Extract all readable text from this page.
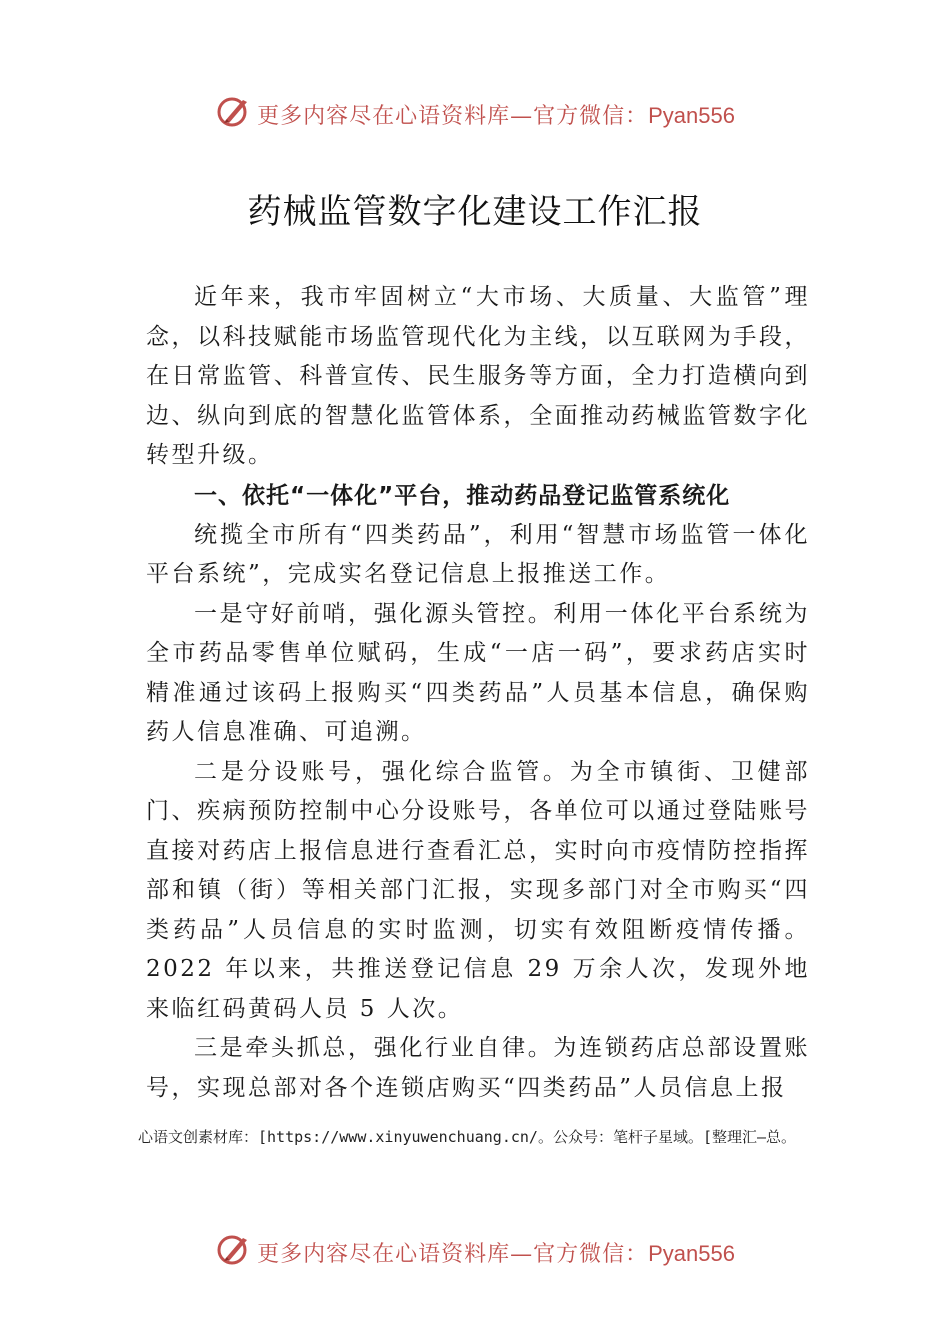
更多内容尽在心语资料库—官方微信：Pyan556
药械监管数字化建设工作汇报

近年来，我市牢固树立“大市场、大质量、大监管”理念，以科技赋能市场监管现代化为主线，以互联网为手段， 在日常监管、科普宣传、民生服务等方面，全力打造横向到边、纵向到底的智慧化监管体系，全面推动药械监管数字化转型升级。

一、依托“一体化”平台，推动药品登记监管系统化

统揽全市所有“四类药品”，利用“智慧市场监管一体化平台系统”，完成实名登记信息上报推送工作。

一是守好前哨，强化源头管控。利用一体化平台系统为全市药品零售单位赋码，生成“一店一码”，要求药店实时精准通过该码上报购买“四类药品”人员基本信息，确保购药人信息准确、可追溯。

二是分设账号，强化综合监管。为全市镇街、卫健部门、疾病预防控制中心分设账号，各单位可以通过登陆账号直接对药店上报信息进行查看汇总，实时向市疫情防控指挥部和镇（街）等相关部门汇报，实现多部门对全市购买“四类药品”人员信息的实时监测，切实有效阻断疫情传播。2022 年以来，共推送登记信息 29 万余人次，发现外地来临红码黄码人员 5 人次。

三是牵头抓总，强化行业自律。为连锁药店总部设置账号，实现总部对各个连锁店购买“四类药品”人员信息上报

心语文创素材库：[https://www.xinyuwenchuang.cn/。公众号：笔杆子星域。[整理汇—总。

更多内容尽在心语资料库—官方微信：Pyan556
